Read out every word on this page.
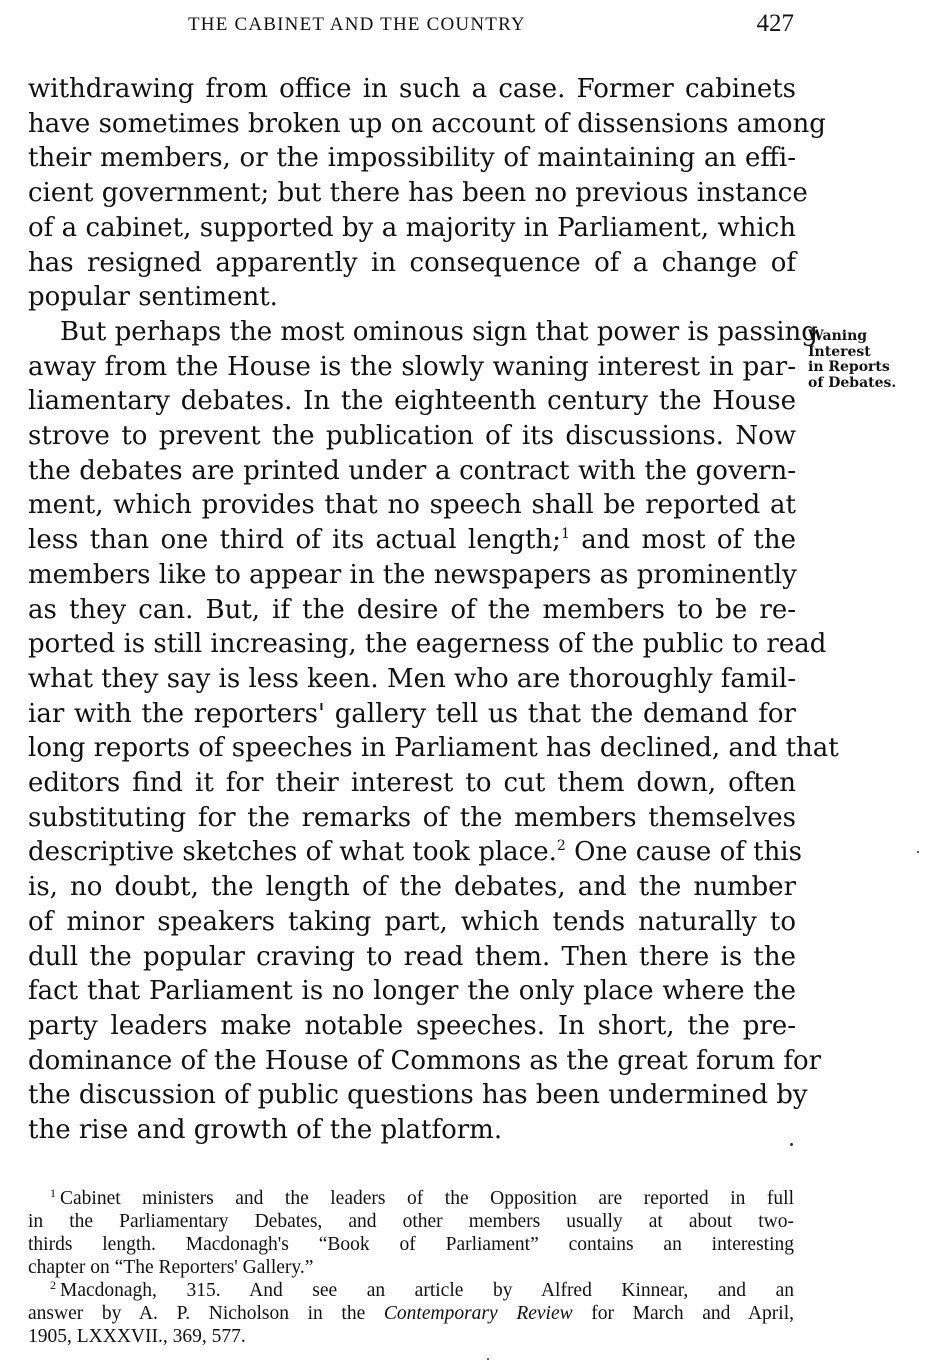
THE CABINET AND THE COUNTRY	427

withdrawing from office in such a case. Former cabinets

have sometimes broken up on account of dissensions among

their members, or the impossibility of maintaining an effi-

cient government; but there has been no previous instance

of a cabinet, supported by a majority in Parliament, which

has resigned apparently in consequence of a change of

popular sentiment.

But perhaps the most ominous sign that power is passing

away from the House is the slowly waning interest in par-

liamentary debates. In the eighteenth century the House

strove to prevent the publication of its discussions. Now

the debates are printed under a contract with the govern-

ment, which provides that no speech shall be reported at

less than one third of its actual length;$^1$ and most of the

members like to appear in the newspapers as prominently

as they can. But, if the desire of the members to be re-

ported is still increasing, the eagerness of the public to read

what they say is less keen. Men who are thoroughly famil-

iar with the reporters' gallery tell us that the demand for

long reports of speeches in Parliament has declined, and that

editors find it for their interest to cut them down, often

substituting for the remarks of the members themselves

descriptive sketches of what took place.$^2$ One cause of this

is, no doubt, the length of the debates, and the number

of minor speakers taking part, which tends naturally to

dull the popular craving to read them. Then there is the

fact that Parliament is no longer the only place where the

party leaders make notable speeches. In short, the pre-

dominance of the House of Commons as the great forum for

the discussion of public questions has been undermined by

the rise and growth of the platform.

Waning
Interest
in Reports
of Debates.
$^1$ Cabinet ministers and the leaders of the Opposition are reported in full
in the Parliamentary Debates, and other members usually at about two-
thirds length. Macdonagh's “Book of Parliament” contains an interesting
chapter on “The Reporters' Gallery.”
$^2$ Macdonagh, 315. And see an article by Alfred Kinnear, and an
answer by A. P. Nicholson in the Contemporary Review for March and April,
1905, LXXXVII., 369, 577.
